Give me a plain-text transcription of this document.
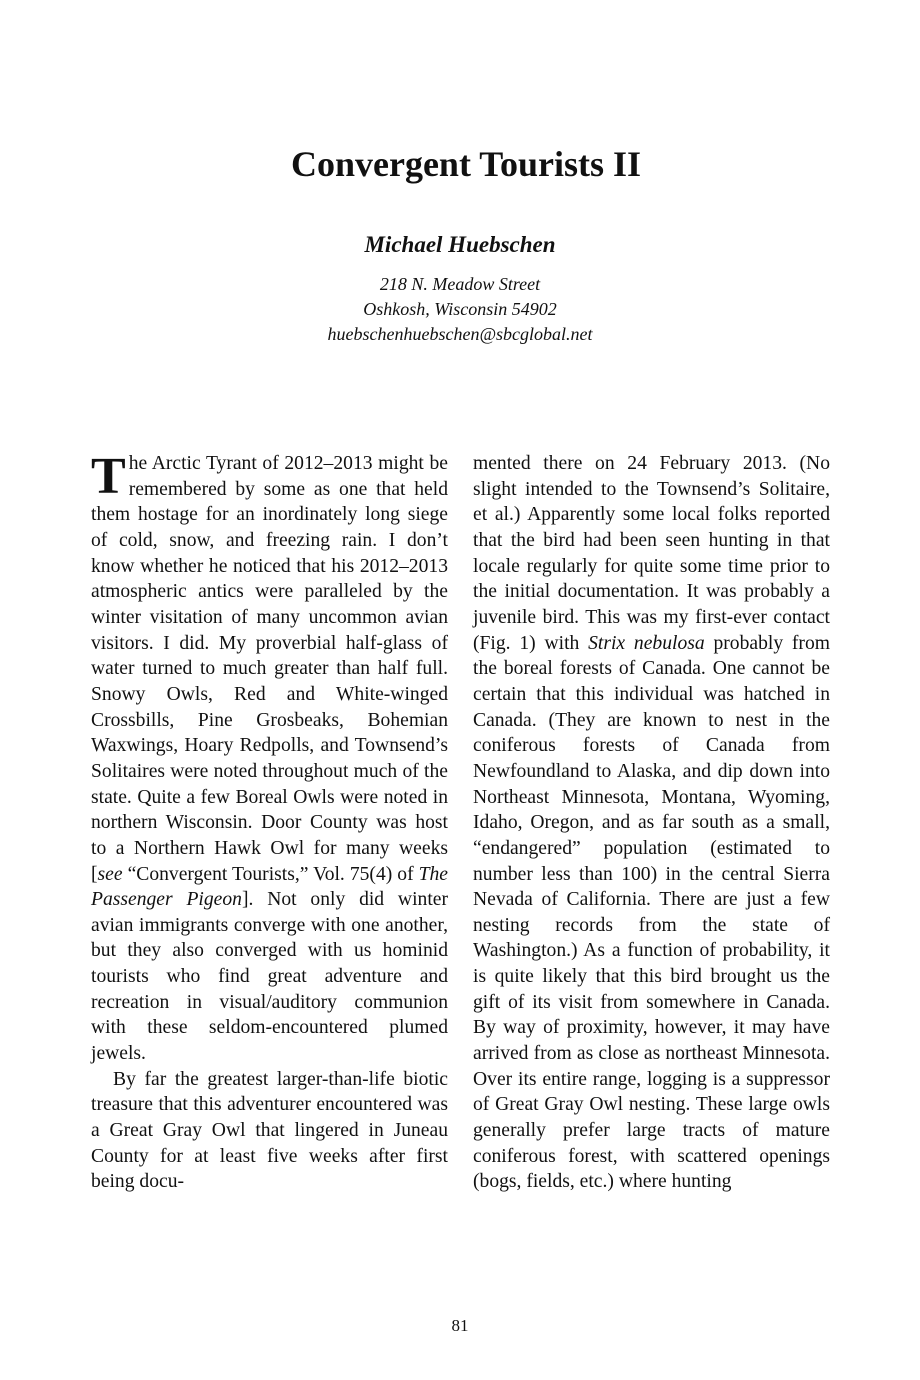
Convergent Tourists II
Michael Huebschen
218 N. Meadow Street
Oshkosh, Wisconsin 54902
huebschenhuebschen@sbcglobal.net

The Arctic Tyrant of 2012–2013 might be remembered by some as one that held them hostage for an inordinately long siege of cold, snow, and freezing rain. I don’t know whether he noticed that his 2012–2013 atmospheric antics were paralleled by the winter visitation of many uncommon avian visitors. I did. My proverbial half-glass of water turned to much greater than half full. Snowy Owls, Red and White-winged Crossbills, Pine Grosbeaks, Bohemian Waxwings, Hoary Redpolls, and Townsend’s Solitaires were noted throughout much of the state. Quite a few Boreal Owls were noted in northern Wisconsin. Door County was host to a Northern Hawk Owl for many weeks [see “Convergent Tourists,” Vol. 75(4) of The Passenger Pigeon]. Not only did winter avian immigrants converge with one another, but they also converged with us hominid tourists who find great adventure and recreation in visual/auditory communion with these seldom-encountered plumed jewels.

By far the greatest larger-than-life biotic treasure that this adventurer encountered was a Great Gray Owl that lingered in Juneau County for at least five weeks after first being docu-

mented there on 24 February 2013. (No slight intended to the Townsend’s Solitaire, et al.) Apparently some local folks reported that the bird had been seen hunting in that locale regularly for quite some time prior to the initial documentation. It was probably a juvenile bird. This was my first-ever contact (Fig. 1) with Strix nebulosa probably from the boreal forests of Canada. One cannot be certain that this individual was hatched in Canada. (They are known to nest in the coniferous forests of Canada from Newfoundland to Alaska, and dip down into Northeast Minnesota, Montana, Wyoming, Idaho, Oregon, and as far south as a small, “endangered” population (estimated to number less than 100) in the central Sierra Nevada of California. There are just a few nesting records from the state of Washington.) As a function of probability, it is quite likely that this bird brought us the gift of its visit from somewhere in Canada. By way of proximity, however, it may have arrived from as close as northeast Minnesota. Over its entire range, logging is a suppressor of Great Gray Owl nesting. These large owls generally prefer large tracts of mature coniferous forest, with scattered openings (bogs, fields, etc.) where hunting

81
